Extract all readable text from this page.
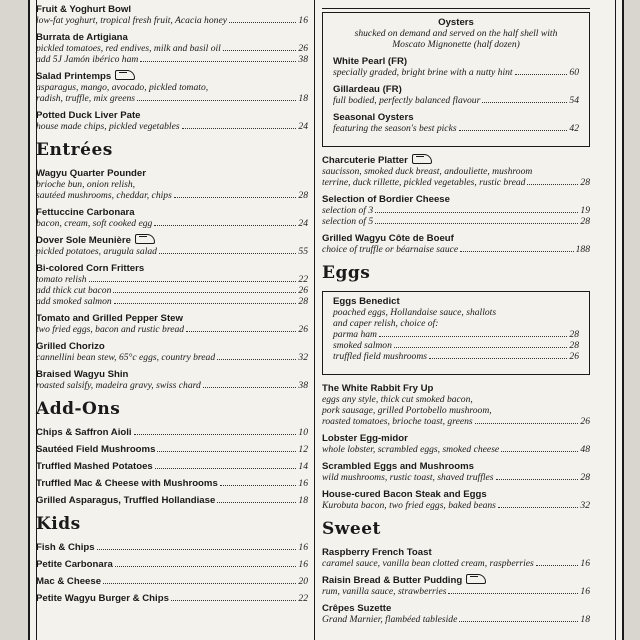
Fruit & Yoghurt Bowl
low-fat yoghurt, tropical fresh fruit, Acacia honey	16
Burrata de Artigiana
pickled tomatoes, red endives, milk and basil oil	26
add 5J Jamón ibérico ham	38
Salad Printemps
asparagus, mango, avocado, pickled tomato,
radish, truffle, mix greens	18
Potted Duck Liver Pate
house made chips, pickled vegetables	24
Entrées
Wagyu Quarter Pounder
brioche bun, onion relish,
sautéed mushrooms, cheddar, chips	28
Fettuccine Carbonara
bacon, cream, soft cooked egg	24
Dover Sole Meunière
pickled potatoes, arugula salad	55
Bi-colored Corn Fritters
tomato relish	22
add thick cut bacon	26
add smoked salmon	28
Tomato and Grilled Pepper Stew
two fried eggs, bacon and rustic bread	26
Grilled Chorizo
cannellini bean stew, 65°c eggs, country bread	32
Braised Wagyu Shin
roasted salsify, madeira gravy, swiss chard	38
Add-Ons
Chips & Saffron Aioli	10
Sautéed Field Mushrooms	12
Truffled Mashed Potatoes	14
Truffled Mac & Cheese with Mushrooms	16
Grilled Asparagus, Truffled Hollandiase	18
Kids
Fish & Chips	16
Petite Carbonara	16
Mac & Cheese	20
Petite Wagyu Burger & Chips	22
Oysters
shucked on demand and served on the half shell with
Moscato Mignonette (half dozen)
White Pearl (FR)
specially graded, bright brine with a nutty hint	60
Gillardeau (FR)
full bodied, perfectly balanced flavour	54
Seasonal Oysters
featuring the season's best picks	42
Charcuterie Platter
saucisson, smoked duck breast, andouliette, mushroom
terrine, duck rillette, pickled vegetables, rustic bread	28
Selection of Bordier Cheese
selection of 3	19
selection of 5	28
Grilled Wagyu Côte de Boeuf
choice of truffle or béarnaise sauce	188
Eggs
Eggs Benedict
poached eggs, Hollandaise sauce, shallots
and caper relish, choice of:
parma ham	28
smoked salmon	28
truffled field mushrooms	26
The White Rabbit Fry Up
eggs any style, thick cut smoked bacon,
pork sausage, grilled Portobello mushroom,
roasted tomatoes, brioche toast, greens	26
Lobster Egg-midor
whole lobster, scrambled eggs, smoked cheese	48
Scrambled Eggs and Mushrooms
wild mushrooms, rustic toast, shaved truffles	28
House-cured Bacon Steak and Eggs
Kurobuta bacon, two fried eggs, baked beans	32
Sweet
Raspberry French Toast
caramel sauce, vanilla bean clotted cream, raspberries	16
Raisin Bread & Butter Pudding
rum, vanilla sauce, strawberries	16
Crêpes Suzette
Grand Marnier, flambéed tableside	18
